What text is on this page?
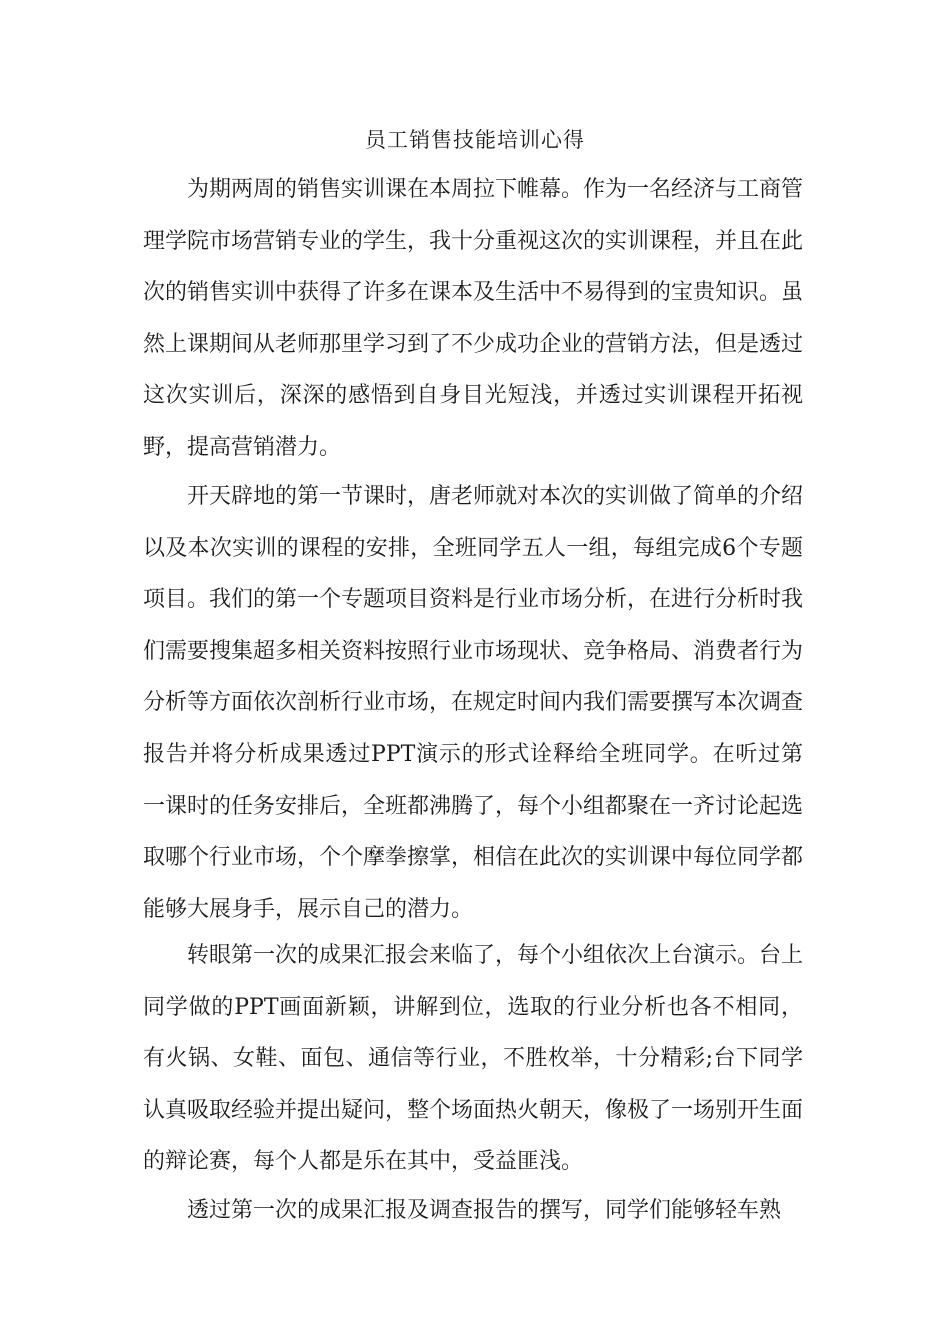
员工销售技能培训心得

为期两周的销售实训课在本周拉下帷幕。作为一名经济与工商管理学院市场营销专业的学生，我十分重视这次的实训课程，并且在此次的销售实训中获得了许多在课本及生活中不易得到的宝贵知识。虽然上课期间从老师那里学习到了不少成功企业的营销方法，但是透过这次实训后，深深的感悟到自身目光短浅，并透过实训课程开拓视野，提高营销潜力。

开天辟地的第一节课时，唐老师就对本次的实训做了简单的介绍以及本次实训的课程的安排，全班同学五人一组，每组完成6个专题项目。我们的第一个专题项目资料是行业市场分析，在进行分析时我们需要搜集超多相关资料按照行业市场现状、竞争格局、消费者行为分析等方面依次剖析行业市场，在规定时间内我们需要撰写本次调查报告并将分析成果透过PPT演示的形式诠释给全班同学。在听过第一课时的任务安排后，全班都沸腾了，每个小组都聚在一齐讨论起选取哪个行业市场，个个摩拳擦掌，相信在此次的实训课中每位同学都能够大展身手，展示自己的潜力。

转眼第一次的成果汇报会来临了，每个小组依次上台演示。台上同学做的PPT画面新颖，讲解到位，选取的行业分析也各不相同，有火锅、女鞋、面包、通信等行业，不胜枚举，十分精彩;台下同学认真吸取经验并提出疑问，整个场面热火朝天，像极了一场别开生面的辩论赛，每个人都是乐在其中，受益匪浅。

透过第一次的成果汇报及调查报告的撰写，同学们能够轻车熟
